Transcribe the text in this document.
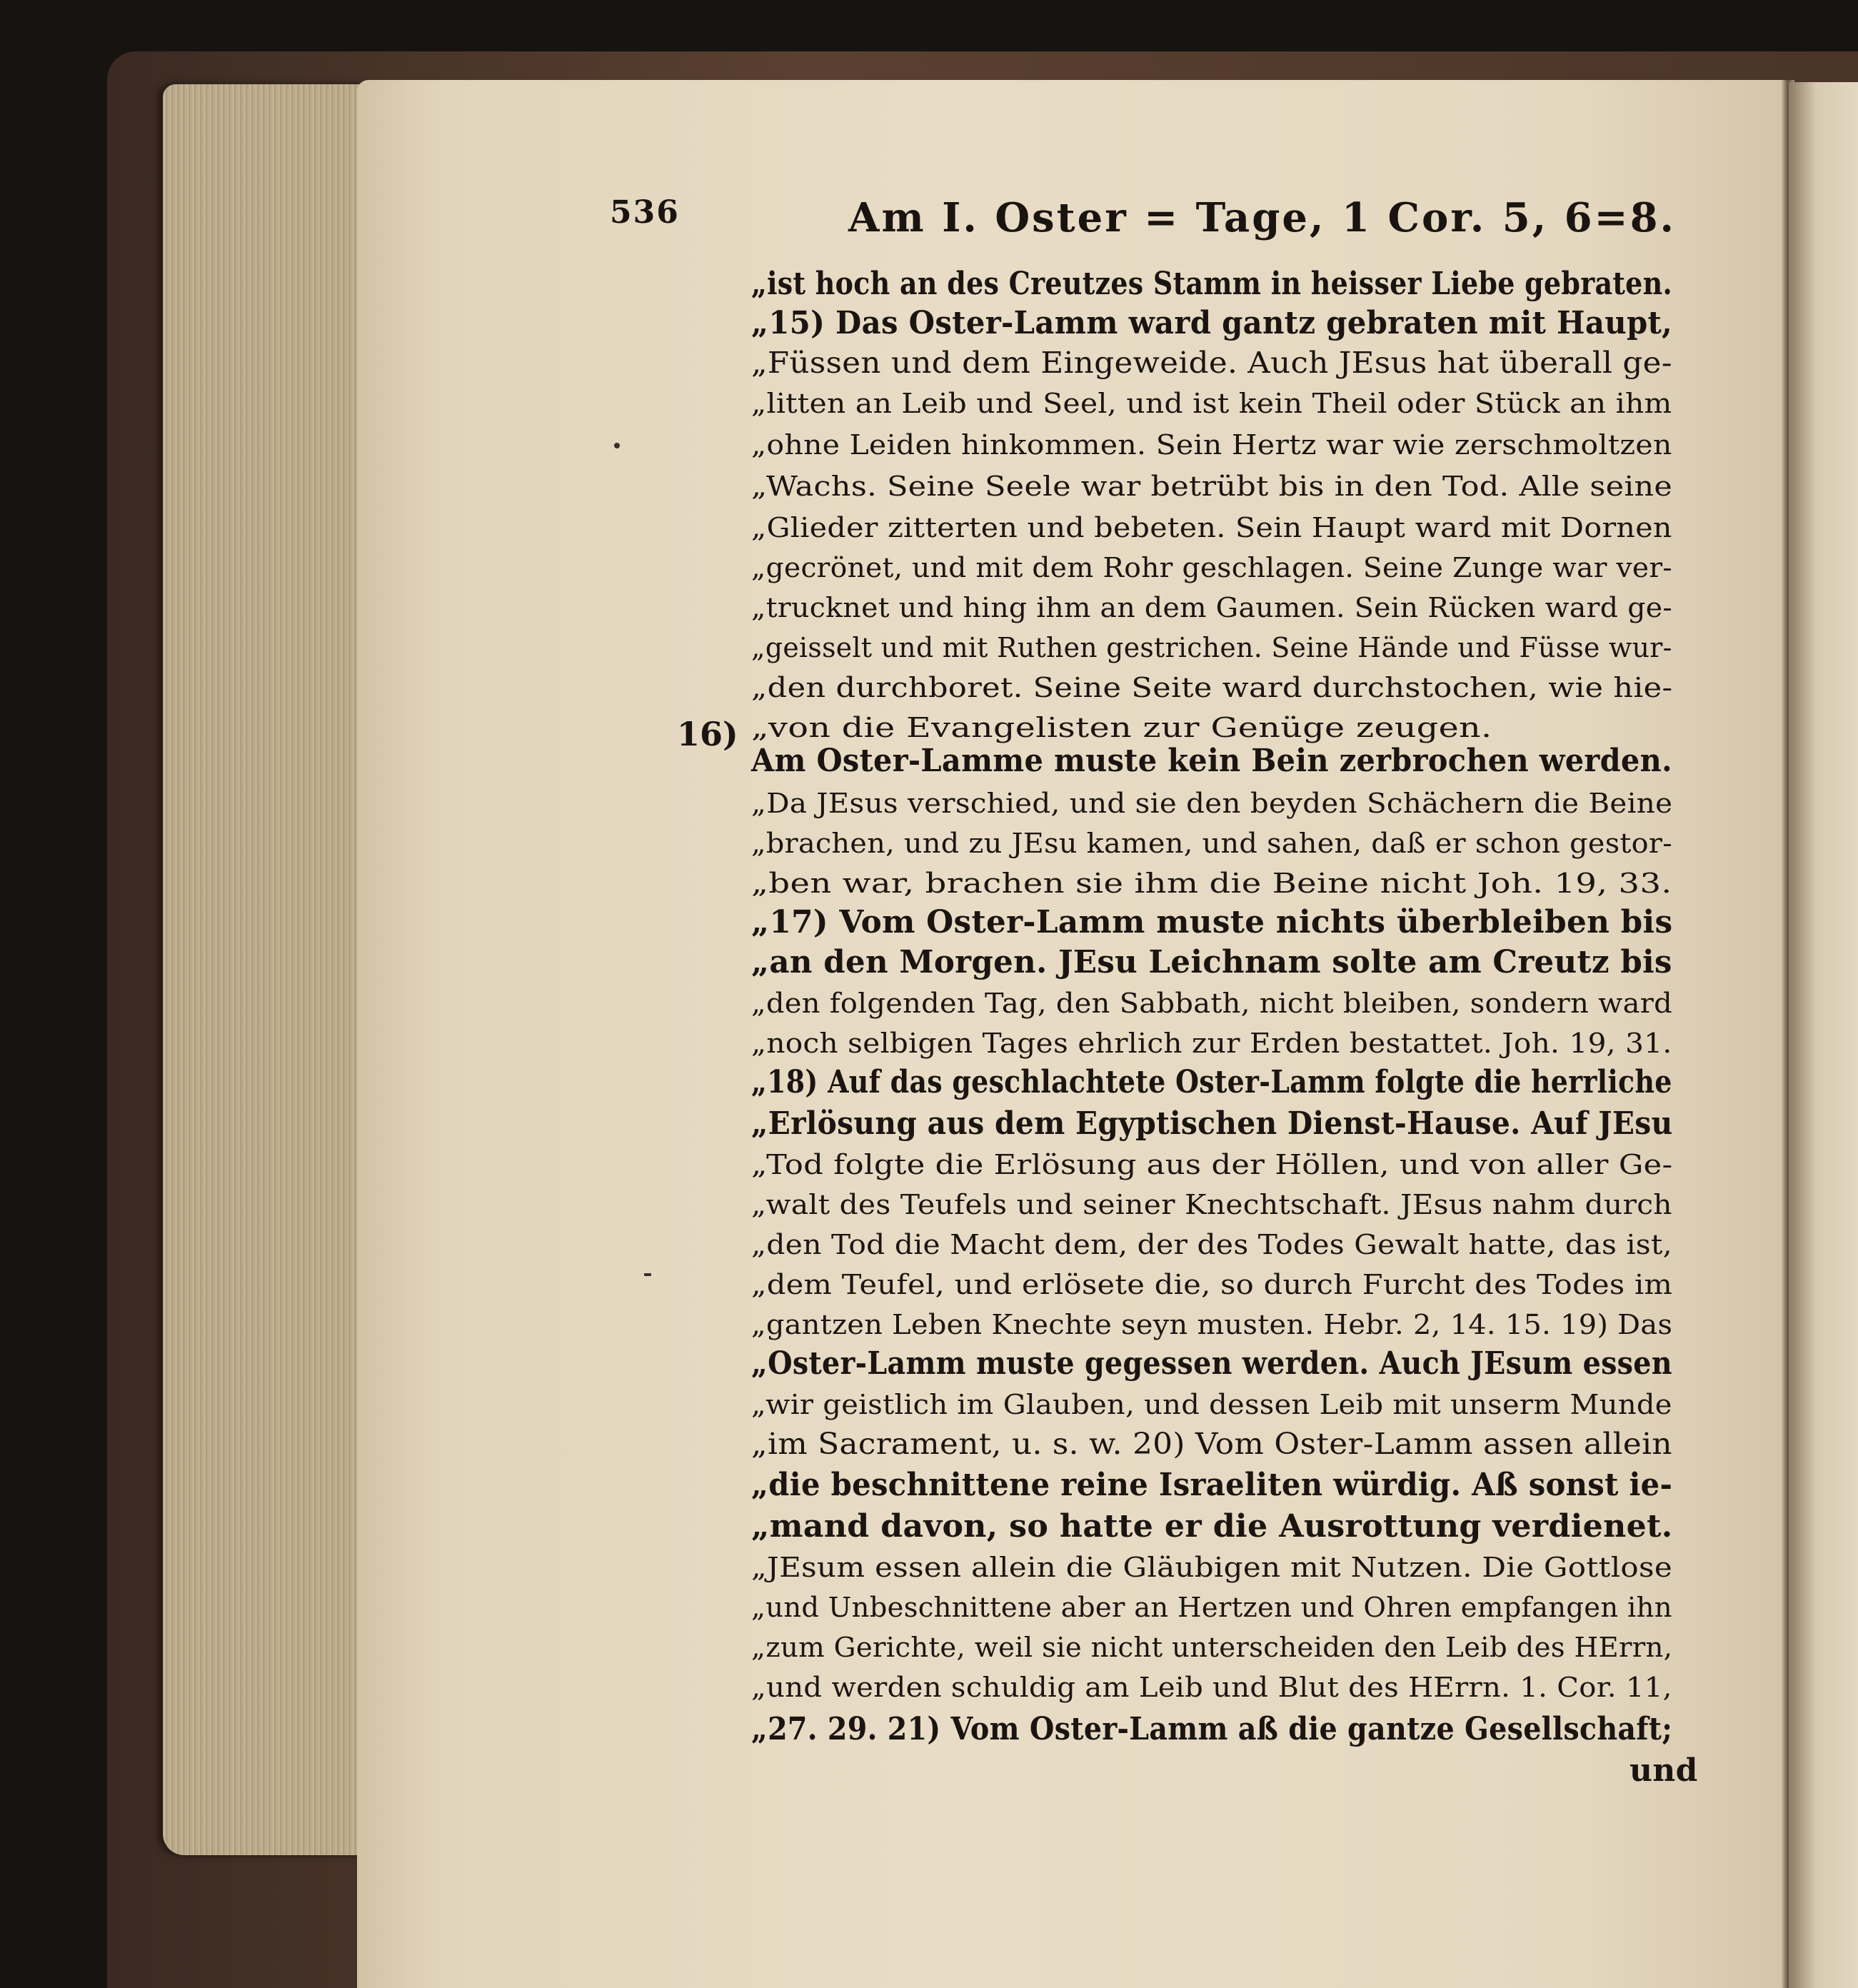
536	Am I. Oster = Tage, 1 Cor. 5, 6=8.
16)
„ist hoch an des Creutzes Stamm in heisser Liebe gebraten.
„15) Das Oster-Lamm ward gantz gebraten mit Haupt,
„Füssen und dem Eingeweide. Auch JEsus hat überall ge-
„litten an Leib und Seel, und ist kein Theil oder Stück an ihm
„ohne Leiden hinkommen. Sein Hertz war wie zerschmoltzen
„Wachs. Seine Seele war betrübt bis in den Tod. Alle seine
„Glieder zitterten und bebeten. Sein Haupt ward mit Dornen
„gecrönet, und mit dem Rohr geschlagen. Seine Zunge war ver-
„trucknet und hing ihm an dem Gaumen. Sein Rücken ward ge-
„geisselt und mit Ruthen gestrichen. Seine Hände und Füsse wur-
„den durchboret. Seine Seite ward durchstochen, wie hie-
„von die Evangelisten zur Genüge zeugen.
Am Oster-Lamme muste kein Bein zerbrochen werden.
„Da JEsus verschied, und sie den beyden Schächern die Beine
„brachen, und zu JEsu kamen, und sahen, daß er schon gestor-
„ben war, brachen sie ihm die Beine nicht Joh. 19, 33.
„17) Vom Oster-Lamm muste nichts überbleiben bis
„an den Morgen. JEsu Leichnam solte am Creutz bis
„den folgenden Tag, den Sabbath, nicht bleiben, sondern ward
„noch selbigen Tages ehrlich zur Erden bestattet. Joh. 19, 31.
„18) Auf das geschlachtete Oster-Lamm folgte die herrliche
„Erlösung aus dem Egyptischen Dienst-Hause. Auf JEsu
„Tod folgte die Erlösung aus der Höllen, und von aller Ge-
„walt des Teufels und seiner Knechtschaft. JEsus nahm durch
„den Tod die Macht dem, der des Todes Gewalt hatte, das ist,
„dem Teufel, und erlösete die, so durch Furcht des Todes im
„gantzen Leben Knechte seyn musten. Hebr. 2, 14. 15. 19) Das
„Oster-Lamm muste gegessen werden. Auch JEsum essen
„wir geistlich im Glauben, und dessen Leib mit unserm Munde
„im Sacrament, u. s. w. 20) Vom Oster-Lamm assen allein
„die beschnittene reine Israeliten würdig. Aß sonst ie-
„mand davon, so hatte er die Ausrottung verdienet.
„JEsum essen allein die Gläubigen mit Nutzen. Die Gottlose
„und Unbeschnittene aber an Hertzen und Ohren empfangen ihn
„zum Gerichte, weil sie nicht unterscheiden den Leib des HErrn,
„und werden schuldig am Leib und Blut des HErrn. 1. Cor. 11,
„27. 29. 21) Vom Oster-Lamm aß die gantze Gesellschaft;
und
